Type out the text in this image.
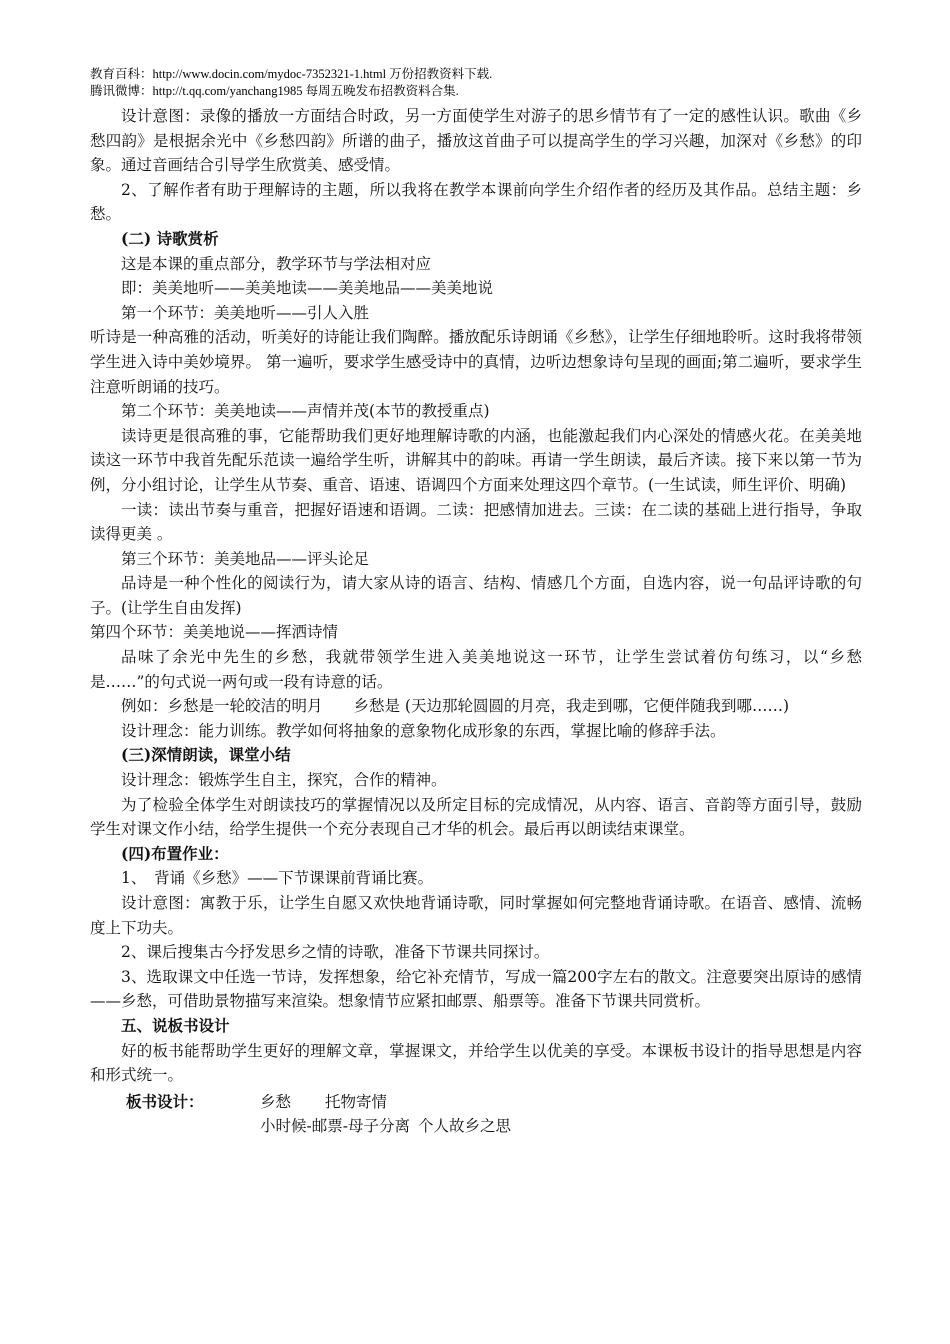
教育百科：http://www.docin.com/mydoc-7352321-1.html 万份招教资料下载.
腾讯微博：http://t.qq.com/yanchang1985 每周五晚发布招教资料合集.

设计意图：录像的播放一方面结合时政，另一方面使学生对游子的思乡情节有了一定的感性认识。歌曲《乡愁四韵》是根据余光中《乡愁四韵》所谱的曲子，播放这首曲子可以提高学生的学习兴趣，加深对《乡愁》的印象。通过音画结合引导学生欣赏美、感受情。

2、了解作者有助于理解诗的主题，所以我将在教学本课前向学生介绍作者的经历及其作品。总结主题：乡愁。

(二) 诗歌赏析

这是本课的重点部分，教学环节与学法相对应

即：美美地听——美美地读——美美地品——美美地说

第一个环节：美美地听——引人入胜

听诗是一种高雅的活动，听美好的诗能让我们陶醉。播放配乐诗朗诵《乡愁》，让学生仔细地聆听。这时我将带领学生进入诗中美妙境界。 第一遍听，要求学生感受诗中的真情，边听边想象诗句呈现的画面;第二遍听，要求学生注意听朗诵的技巧。

第二个环节：美美地读——声情并茂(本节的教授重点)

读诗更是很高雅的事，它能帮助我们更好地理解诗歌的内涵，也能激起我们内心深处的情感火花。在美美地读这一环节中我首先配乐范读一遍给学生听，讲解其中的韵味。再请一学生朗读，最后齐读。接下来以第一节为例，分小组讨论，让学生从节奏、重音、语速、语调四个方面来处理这四个章节。(一生试读，师生评价、明确)

一读：读出节奏与重音，把握好语速和语调。二读：把感情加进去。三读：在二读的基础上进行指导，争取读得更美 。

第三个环节：美美地品——评头论足

品诗是一种个性化的阅读行为，请大家从诗的语言、结构、情感几个方面，自选内容，说一句品评诗歌的句子。(让学生自由发挥)

第四个环节：美美地说——挥洒诗情

品味了余光中先生的乡愁，我就带领学生进入美美地说这一环节，让学生尝试着仿句练习，以“乡愁是……”的句式说一两句或一段有诗意的话。

例如：乡愁是一轮皎洁的明月　　乡愁是 (天边那轮圆圆的月亮，我走到哪，它便伴随我到哪……)

设计理念：能力训练。教学如何将抽象的意象物化成形象的东西，掌握比喻的修辞手法。

(三)深情朗读，课堂小结

设计理念：锻炼学生自主，探究，合作的精神。

为了检验全体学生对朗读技巧的掌握情况以及所定目标的完成情况，从内容、语言、音韵等方面引导，鼓励学生对课文作小结，给学生提供一个充分表现自己才华的机会。最后再以朗读结束课堂。

(四)布置作业：

1、　背诵《乡愁》——下节课课前背诵比赛。

设计意图：寓教于乐，让学生自愿又欢快地背诵诗歌，同时掌握如何完整地背诵诗歌。在语音、感情、流畅度上下功夫。

2、课后搜集古今抒发思乡之情的诗歌，准备下节课共同探讨。

3、选取课文中任选一节诗，发挥想象，给它补充情节，写成一篇200字左右的散文。注意要突出原诗的感情——乡愁，可借助景物描写来渲染。想象情节应紧扣邮票、船票等。准备下节课共同赏析。

五、说板书设计

好的板书能帮助学生更好的理解文章，掌握课文，并给学生以优美的享受。本课板书设计的指导思想是内容和形式统一。

板书设计：	乡愁 托物寄情
小时候-邮票-母子分离 个人故乡之思
